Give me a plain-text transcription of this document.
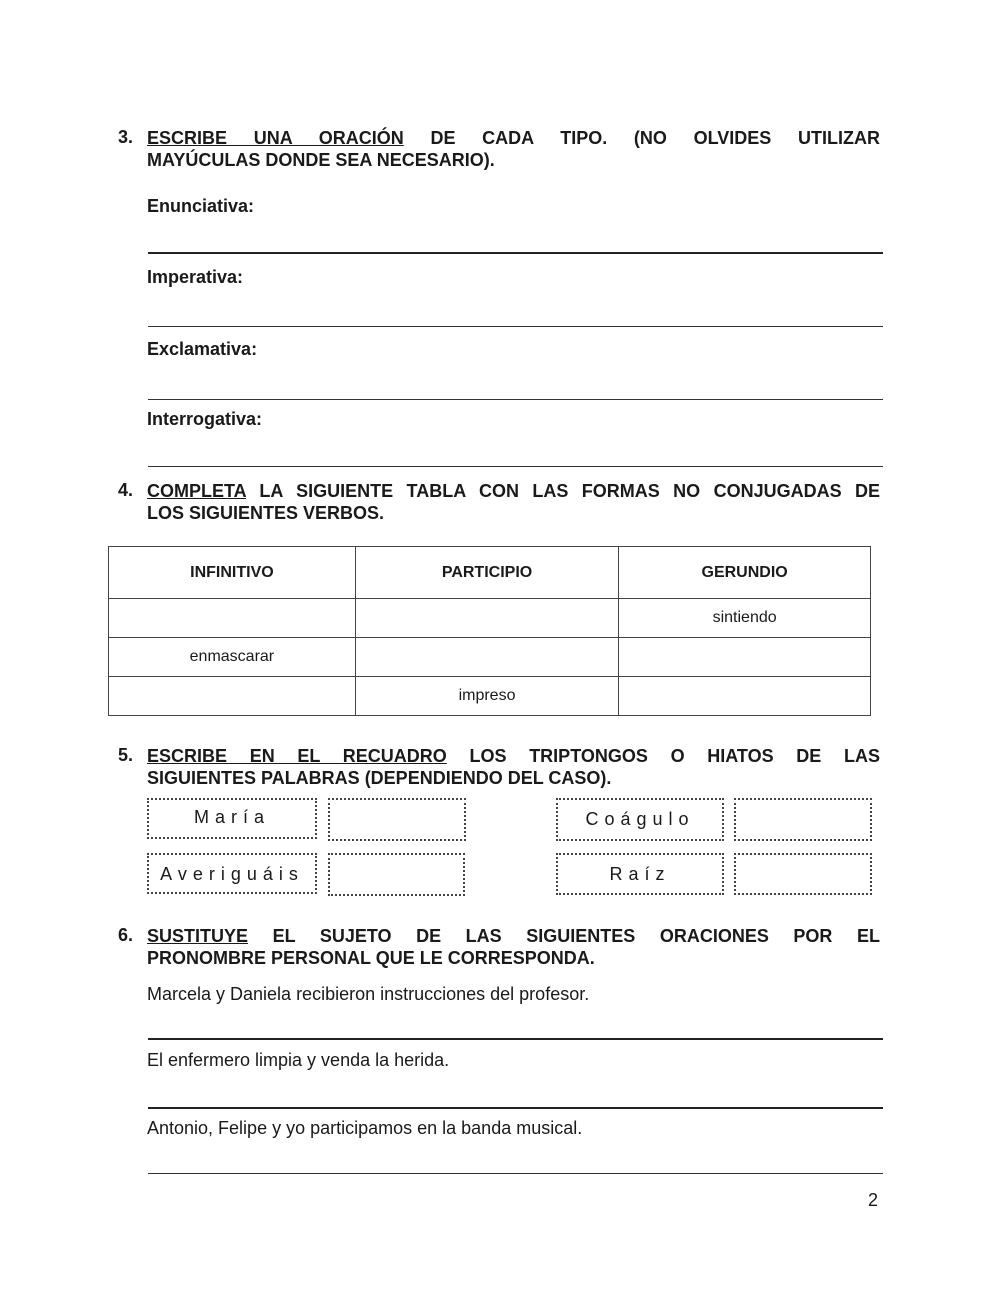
3. ESCRIBE UNA ORACIÓN DE CADA TIPO. (NO OLVIDES UTILIZAR
MAYÚCULAS DONDE SEA NECESARIO).
Enunciativa:
Imperativa:
Exclamativa:
Interrogativa:
4. COMPLETA LA SIGUIENTE TABLA CON LAS FORMAS NO CONJUGADAS DE
LOS SIGUIENTES VERBOS.
INFINITIVO	PARTICIPIO	GERUNDIO
		sintiendo
enmascarar		
	impreso	
5. ESCRIBE EN EL RECUADRO LOS TRIPTONGOS O HIATOS DE LAS
SIGUIENTES PALABRAS (DEPENDIENDO DEL CASO).
María	Coágulo
Averiguáis	Raíz
6. SUSTITUYE EL SUJETO DE LAS SIGUIENTES ORACIONES POR EL
PRONOMBRE PERSONAL QUE LE CORRESPONDA.
Marcela y Daniela recibieron instrucciones del profesor.
El enfermero limpia y venda la herida.
Antonio, Felipe y yo participamos en la banda musical.
2
